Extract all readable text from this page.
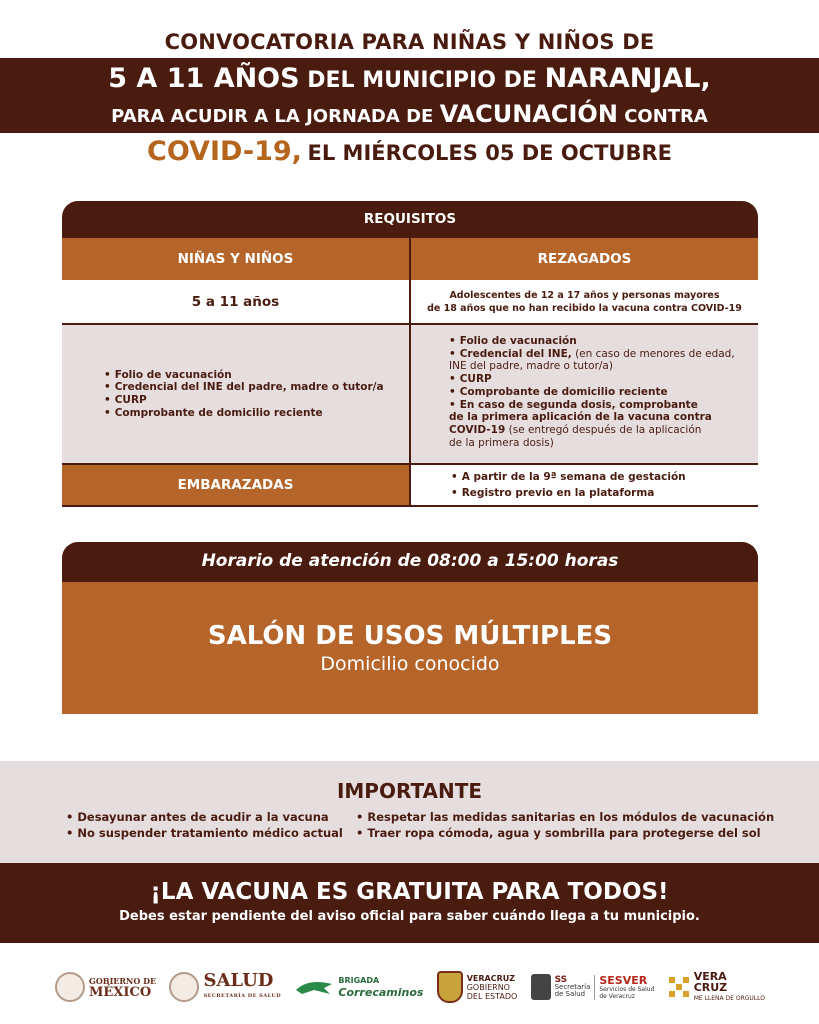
CONVOCATORIA PARA NIÑAS Y NIÑOS DE
5 A 11 AÑOS DEL MUNICIPIO DE NARANJAL,
PARA ACUDIR A LA JORNADA DE VACUNACIÓN CONTRA
COVID-19, EL MIÉRCOLES 05 DE OCTUBRE
REQUISITOS
NIÑAS Y NIÑOS	REZAGADOS
5 a 11 años	Adolescentes de 12 a 17 años y personas mayores
de 18 años que no han recibido la vacuna contra COVID-19
• Folio de vacunación
• Credencial del INE del padre, madre o tutor/a
• CURP
• Comprobante de domicilio reciente
• Folio de vacunación
• Credencial del INE, (en caso de menores de edad,
INE del padre, madre o tutor/a)
• CURP
• Comprobante de domicilio reciente
• En caso de segunda dosis, comprobante
de la primera aplicación de la vacuna contra
COVID-19 (se entregó después de la aplicación
de la primera dosis)
EMBARAZADAS
•	A partir de la 9ª semana de gestación
• Registro previo en la plataforma
Horario de atención de 08:00 a 15:00 horas
SALÓN DE USOS MÚLTIPLES
Domicilio conocido
IMPORTANTE
• Desayunar antes de acudir a la vacuna
• No suspender tratamiento médico actual
• Respetar las medidas sanitarias en los módulos de vacunación
• Traer ropa cómoda, agua y sombrilla para protegerse del sol
¡LA VACUNA ES GRATUITA PARA TODOS!
Debes estar pendiente del aviso oficial para saber cuándo llega a tu municipio.
GOBIERNO DE
MÉXICO
SALUD
SECRETARÍA DE SALUD
BRIGADA
Correcaminos
VERACRUZ
GOBIERNO
DEL ESTADO
SS
Secretaría
de Salud
SESVER
Servicios de Salud
de Veracruz
VERA
CRUZ
ME LLENA DE ORGULLO
